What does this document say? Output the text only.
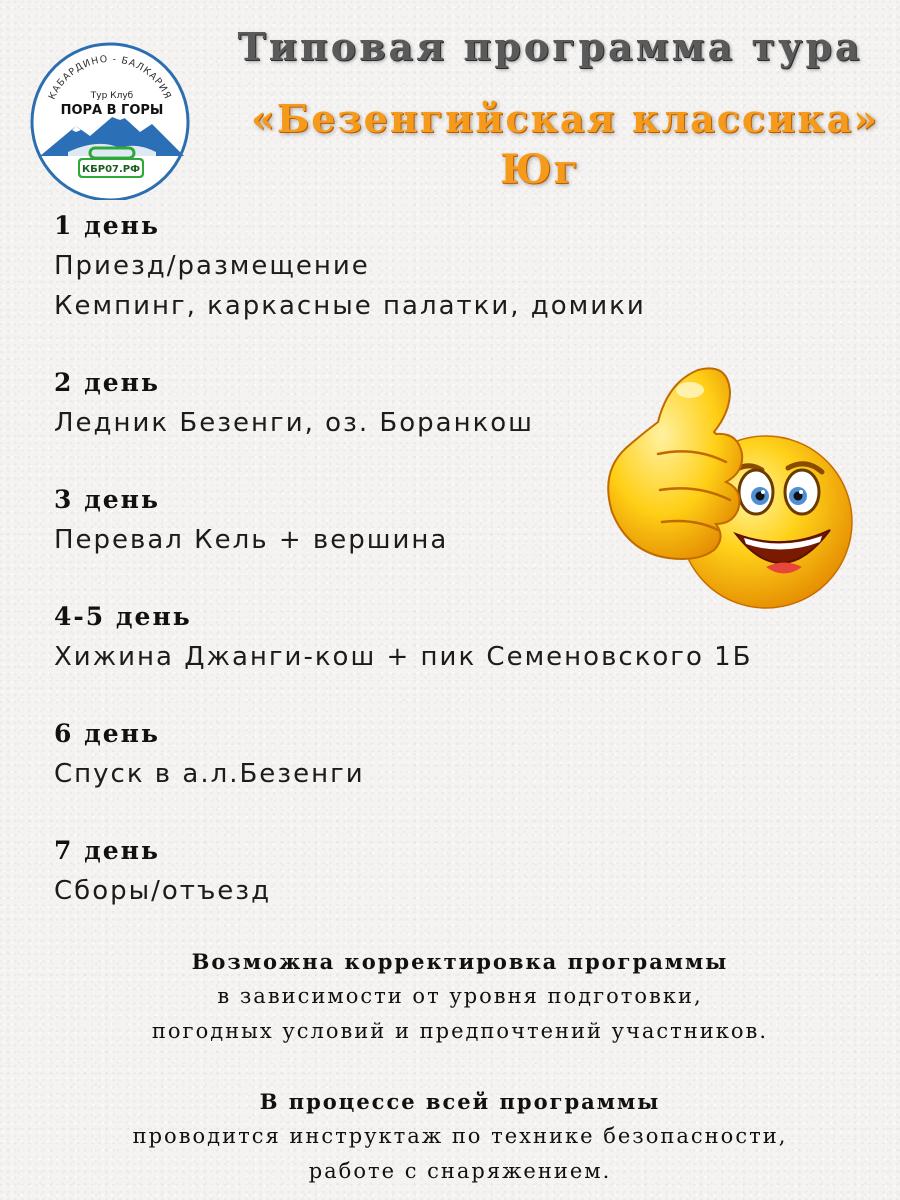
КАБАРДИНО - БАЛКАРИЯ
Тур Клуб
ПОРА В ГОРЫ
КБР07.РФ
Типовая программа тура
«Безенгийская классика»
Юг
1 день
Приезд/размещение
Кемпинг, каркасные палатки, домики
2 день
Ледник Безенги, оз. Боранкош
3 день
Перевал Кель + вершина
4-5 день
Хижина Джанги-кош + пик Семеновского 1Б
6 день
Спуск в а.л.Безенги
7 день
Сборы/отъезд
Возможна корректировка программы
в зависимости от уровня подготовки,
погодных условий и предпочтений участников.
В процессе всей программы
проводится инструктаж по технике безопасности,
работе с снаряжением.
